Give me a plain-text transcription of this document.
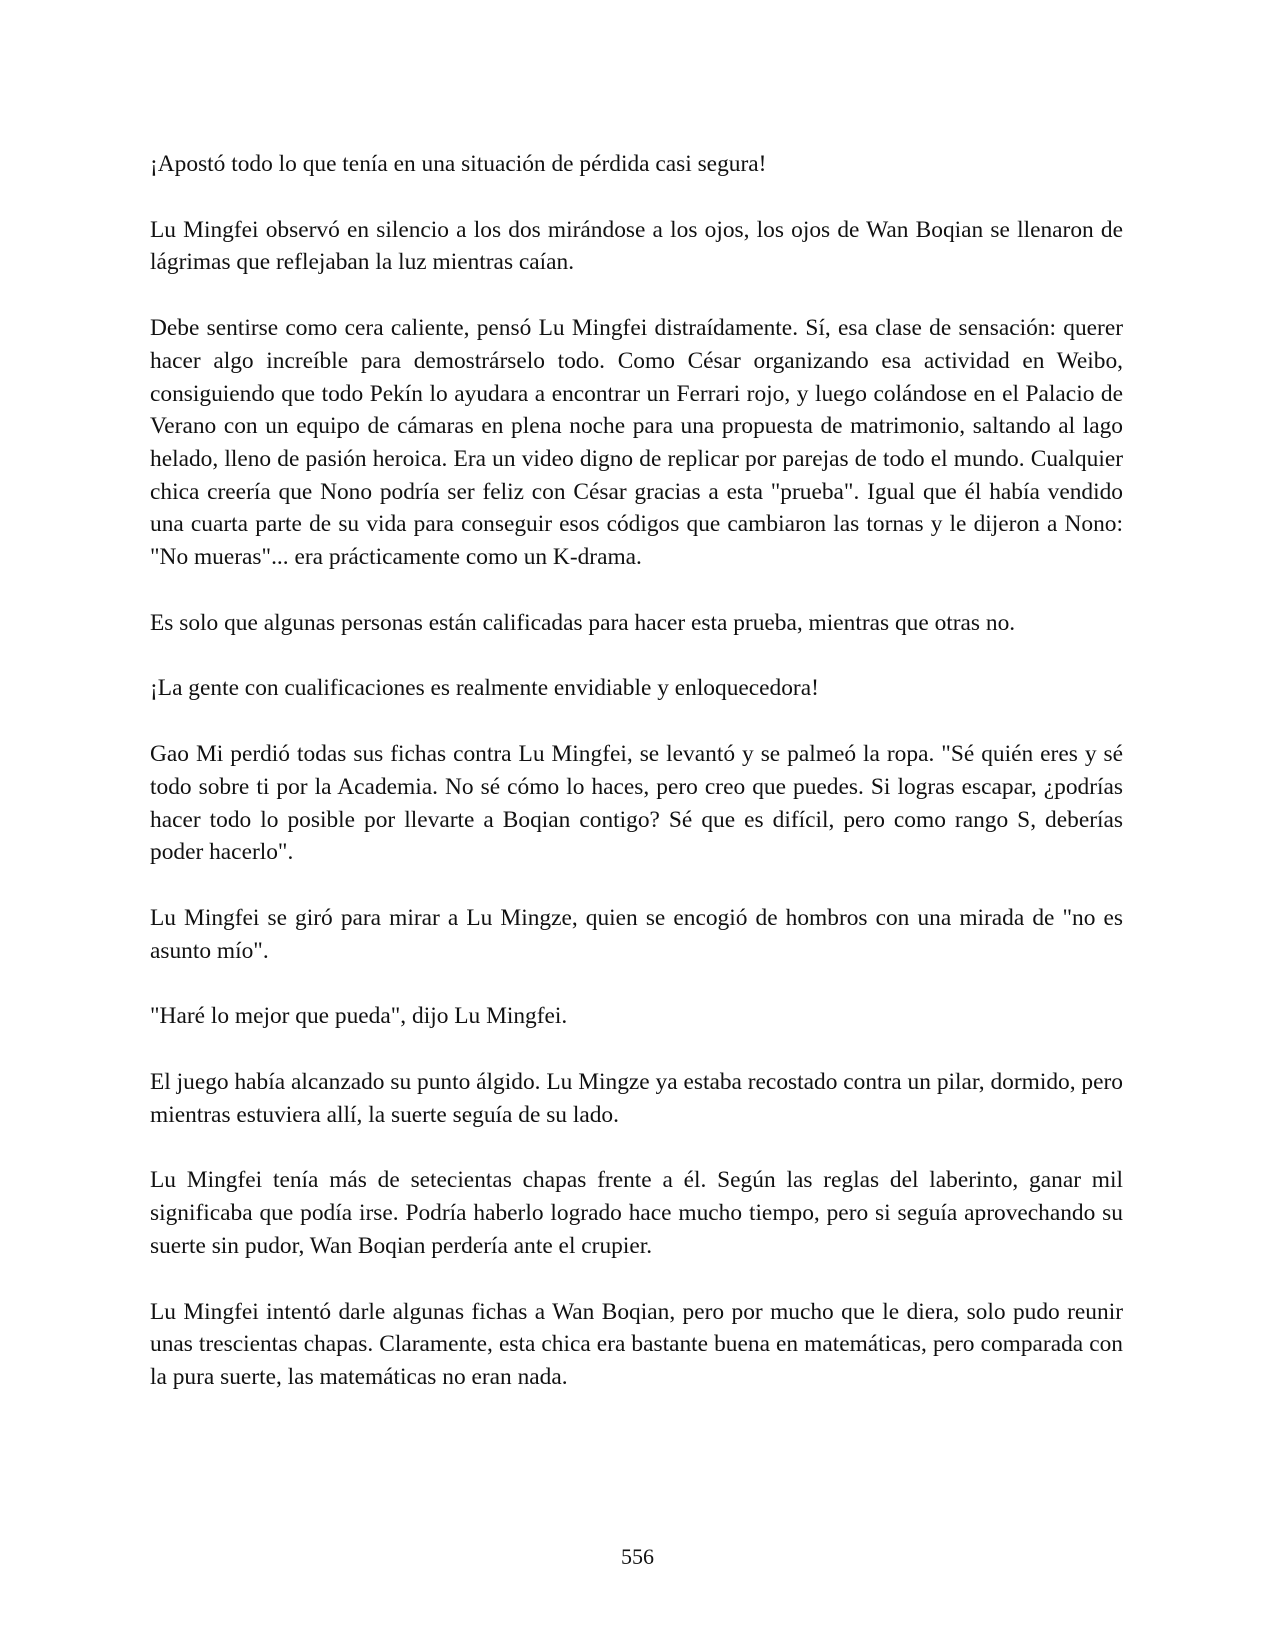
¡Apostó todo lo que tenía en una situación de pérdida casi segura!

Lu Mingfei observó en silencio a los dos mirándose a los ojos, los ojos de Wan Boqian se llenaron de lágrimas que reflejaban la luz mientras caían.

Debe sentirse como cera caliente, pensó Lu Mingfei distraídamente. Sí, esa clase de sensación: querer hacer algo increíble para demostrárselo todo. Como César organizando esa actividad en Weibo, consiguiendo que todo Pekín lo ayudara a encontrar un Ferrari rojo, y luego colándose en el Palacio de Verano con un equipo de cámaras en plena noche para una propuesta de matrimonio, saltando al lago helado, lleno de pasión heroica. Era un video digno de replicar por parejas de todo el mundo. Cualquier chica creería que Nono podría ser feliz con César gracias a esta "prueba". Igual que él había vendido una cuarta parte de su vida para conseguir esos códigos que cambiaron las tornas y le dijeron a Nono: "No mueras"... era prácticamente como un K-drama.

Es solo que algunas personas están calificadas para hacer esta prueba, mientras que otras no.

¡La gente con cualificaciones es realmente envidiable y enloquecedora!

Gao Mi perdió todas sus fichas contra Lu Mingfei, se levantó y se palmeó la ropa. "Sé quién eres y sé todo sobre ti por la Academia. No sé cómo lo haces, pero creo que puedes. Si logras escapar, ¿podrías hacer todo lo posible por llevarte a Boqian contigo? Sé que es difícil, pero como rango S, deberías poder hacerlo".

Lu Mingfei se giró para mirar a Lu Mingze, quien se encogió de hombros con una mirada de "no es asunto mío".

"Haré lo mejor que pueda", dijo Lu Mingfei.

El juego había alcanzado su punto álgido. Lu Mingze ya estaba recostado contra un pilar, dormido, pero mientras estuviera allí, la suerte seguía de su lado.

Lu Mingfei tenía más de setecientas chapas frente a él. Según las reglas del laberinto, ganar mil significaba que podía irse. Podría haberlo logrado hace mucho tiempo, pero si seguía aprovechando su suerte sin pudor, Wan Boqian perdería ante el crupier.

Lu Mingfei intentó darle algunas fichas a Wan Boqian, pero por mucho que le diera, solo pudo reunir unas trescientas chapas. Claramente, esta chica era bastante buena en matemáticas, pero comparada con la pura suerte, las matemáticas no eran nada.

556
